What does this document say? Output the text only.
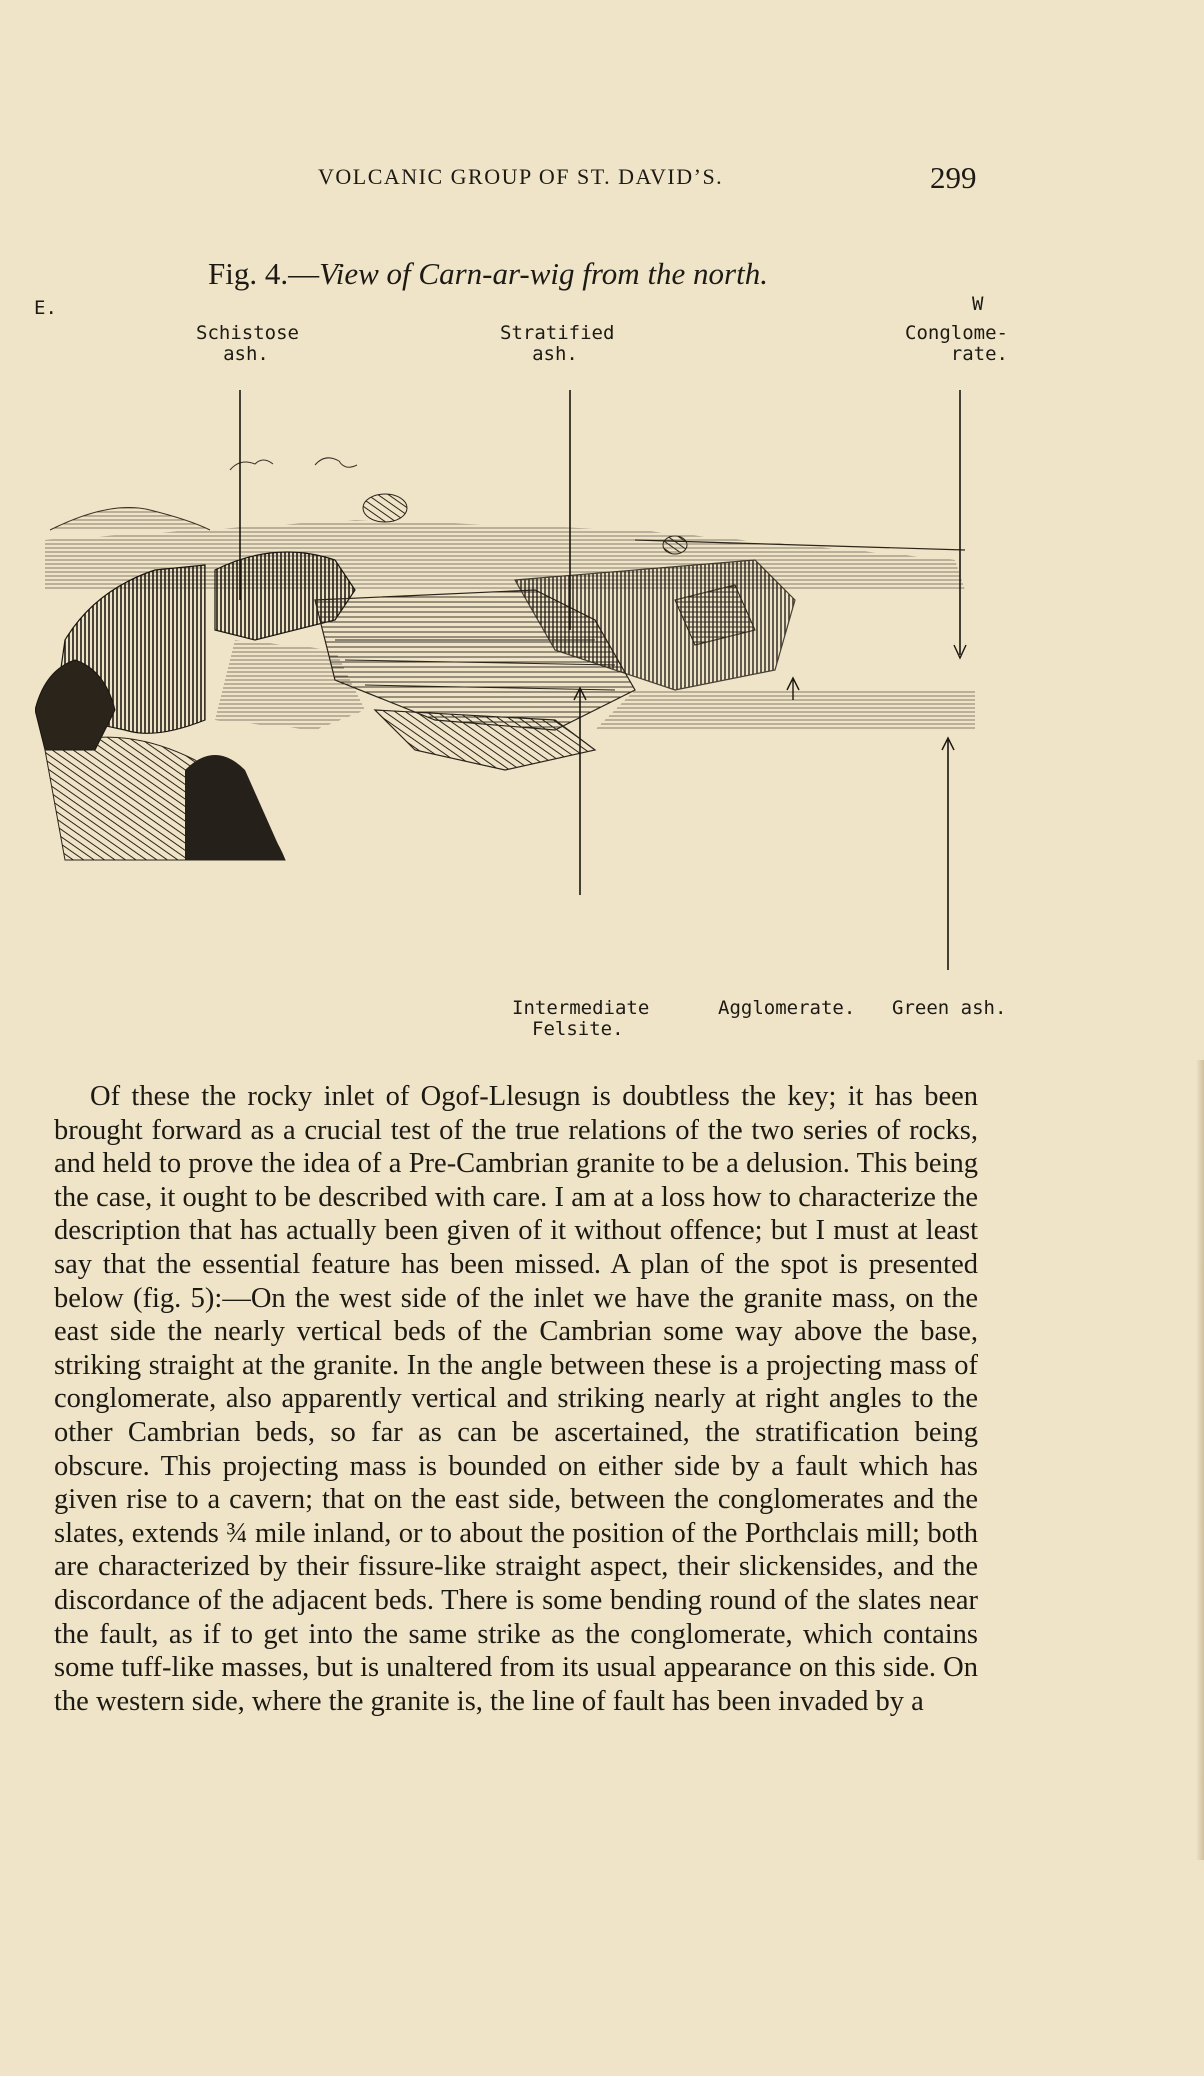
VOLCANIC GROUP OF ST. DAVID’S.	299
Fig. 4.—View of Carn-ar-wig from the north.
E.	W
Schistose
ash.
Stratified
ash.
Conglome-
rate.
Intermediate
Felsite.
Agglomerate.	Green ash.

Of these the rocky inlet of Ogof-Llesugn is doubtless the key; it has been brought forward as a crucial test of the true relations of the two series of rocks, and held to prove the idea of a Pre-Cambrian granite to be a delusion. This being the case, it ought to be described with care. I am at a loss how to characterize the description that has actually been given of it without offence; but I must at least say that the essential feature has been missed. A plan of the spot is presented below (fig. 5):—On the west side of the inlet we have the granite mass, on the east side the nearly vertical beds of the Cambrian some way above the base, striking straight at the granite. In the angle between these is a projecting mass of conglomerate, also apparently vertical and striking nearly at right angles to the other Cambrian beds, so far as can be ascertained, the stratification being obscure. This projecting mass is bounded on either side by a fault which has given rise to a cavern; that on the east side, between the conglomerates and the slates, extends ¾ mile inland, or to about the position of the Porthclais mill; both are characterized by their fissure-like straight aspect, their slickensides, and the discordance of the adjacent beds. There is some bending round of the slates near the fault, as if to get into the same strike as the conglomerate, which contains some tuff-like masses, but is unaltered from its usual appearance on this side. On the western side, where the granite is, the line of fault has been invaded by a
